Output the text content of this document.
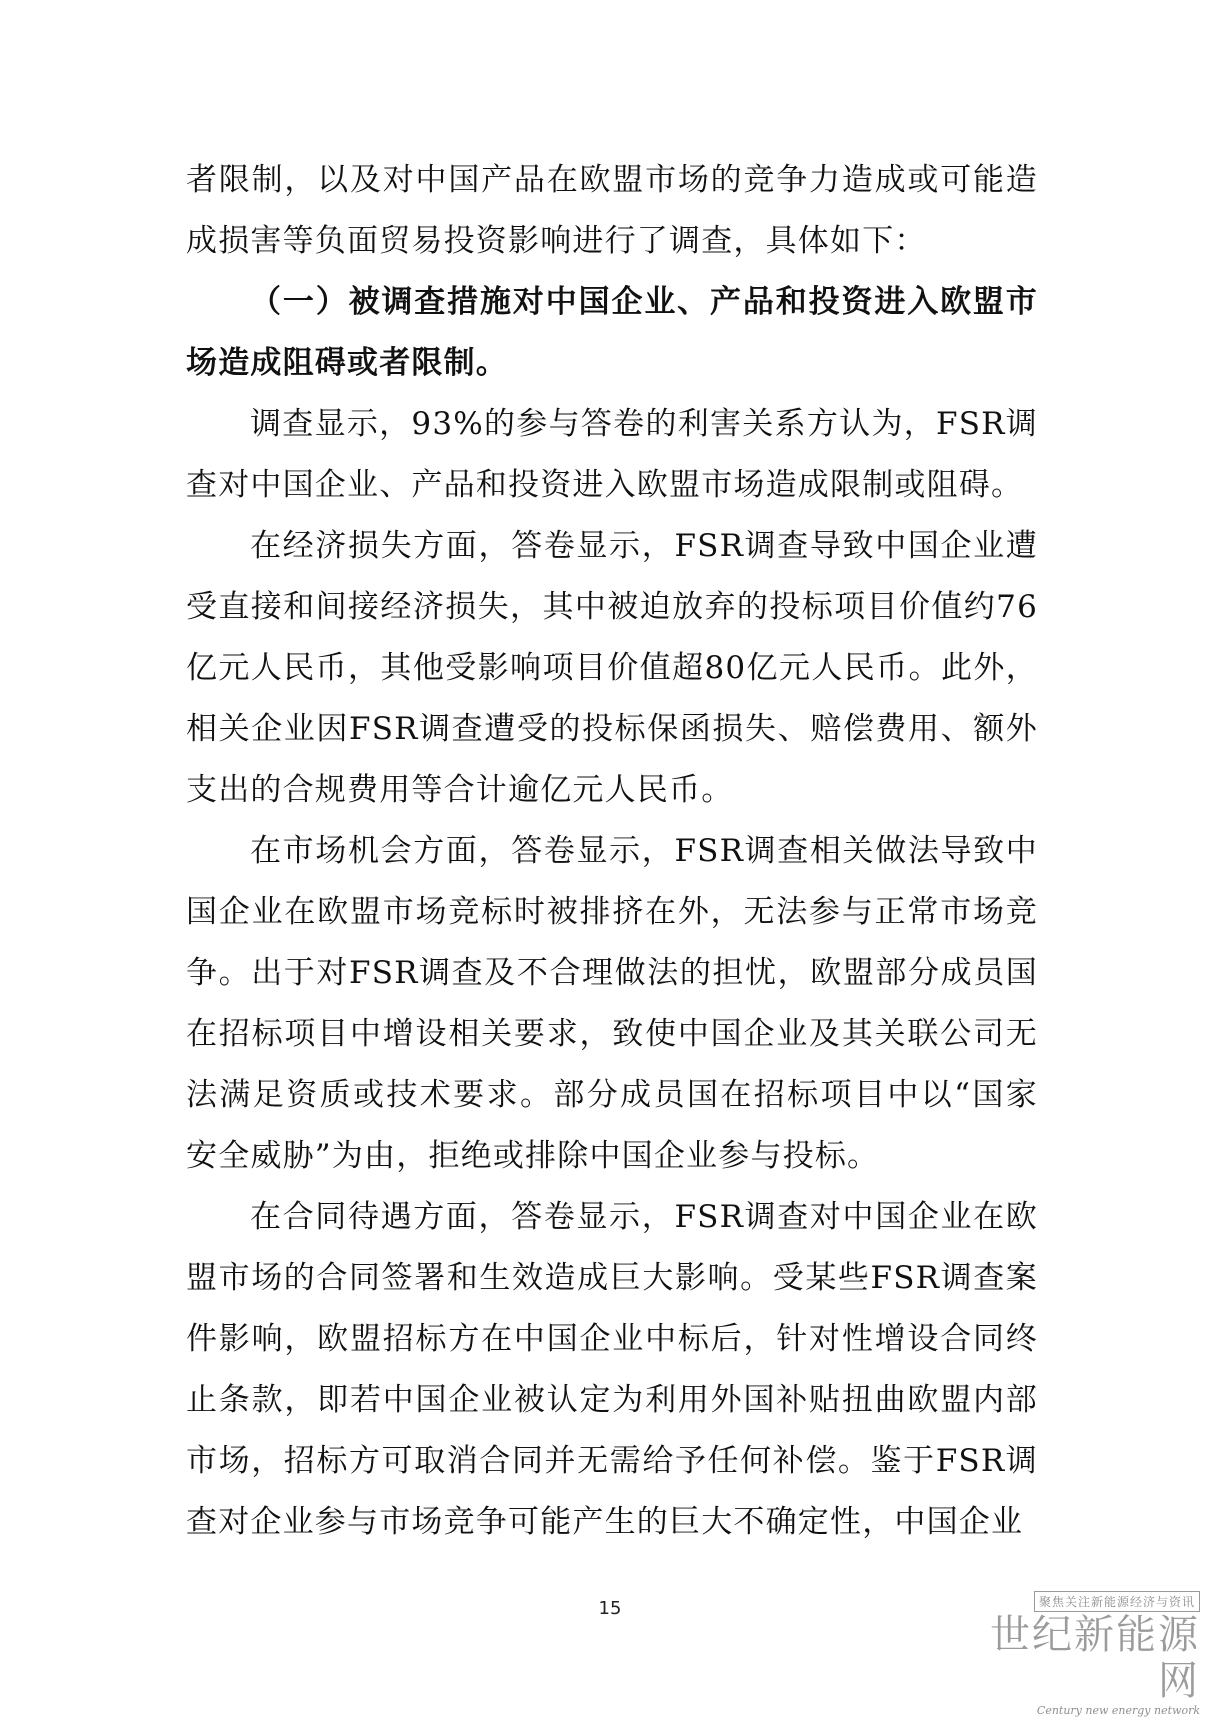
者限制，以及对中国产品在欧盟市场的竞争力造成或可能造成损害等负面贸易投资影响进行了调查，具体如下：

（一）被调查措施对中国企业、产品和投资进入欧盟市场造成阻碍或者限制。

调查显示，93%的参与答卷的利害关系方认为，FSR调查对中国企业、产品和投资进入欧盟市场造成限制或阻碍。

在经济损失方面，答卷显示，FSR调查导致中国企业遭受直接和间接经济损失，其中被迫放弃的投标项目价值约76亿元人民币，其他受影响项目价值超80亿元人民币。此外，相关企业因FSR调查遭受的投标保函损失、赔偿费用、额外支出的合规费用等合计逾亿元人民币。

在市场机会方面，答卷显示，FSR调查相关做法导致中国企业在欧盟市场竞标时被排挤在外，无法参与正常市场竞争。出于对FSR调查及不合理做法的担忧，欧盟部分成员国在招标项目中增设相关要求，致使中国企业及其关联公司无法满足资质或技术要求。部分成员国在招标项目中以“国家安全威胁”为由，拒绝或排除中国企业参与投标。

在合同待遇方面，答卷显示，FSR调查对中国企业在欧盟市场的合同签署和生效造成巨大影响。受某些FSR调查案件影响，欧盟招标方在中国企业中标后，针对性增设合同终止条款，即若中国企业被认定为利用外国补贴扭曲欧盟内部市场，招标方可取消合同并无需给予任何补偿。鉴于FSR调查对企业参与市场竞争可能产生的巨大不确定性，中国企业

15	聚焦关注新能源经济与资讯
世纪新能源网
Century new energy network
